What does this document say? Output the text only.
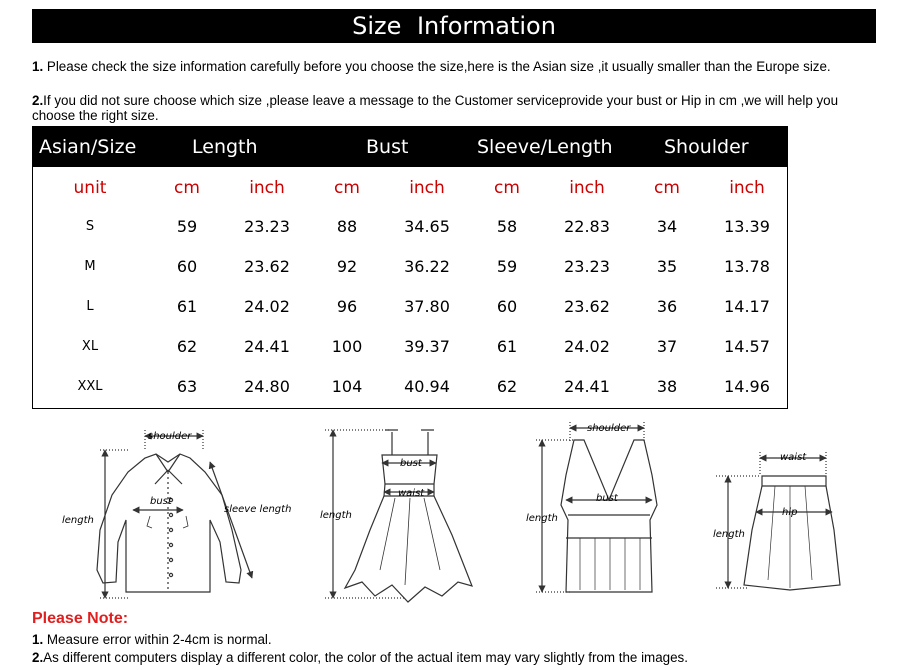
Size Information
1. Please check the size information carefully before you choose the size,here is the Asian size ,it usually smaller than the Europe size.
2.If you did not sure choose which size ,please leave a message to the Customer serviceprovide your bust or Hip in cm ,we will help you choose the right size.
Asian/Size	Length	Bust	Sleeve/Length	Shoulder
unit	cm	inch	cm	inch	cm	inch	cm	inch
S	59	23.23	88	34.65	58	22.83	34	13.39
M	60	23.62	92	36.22	59	23.23	35	13.78
L	61	24.02	96	37.80	60	23.62	36	14.17
XL	62	24.41	100	39.37	61	24.02	37	14.57
XXL	63	24.80	104	40.94	62	24.41	38	14.96
shoulder
bust
length
sleeve length
bust
waist
length
shoulder
bust
length
waist
hip
length
Please Note:
1. Measure error within 2-4cm is normal.
2.As different computers display a different color, the color of the actual item may vary slightly from the images.
